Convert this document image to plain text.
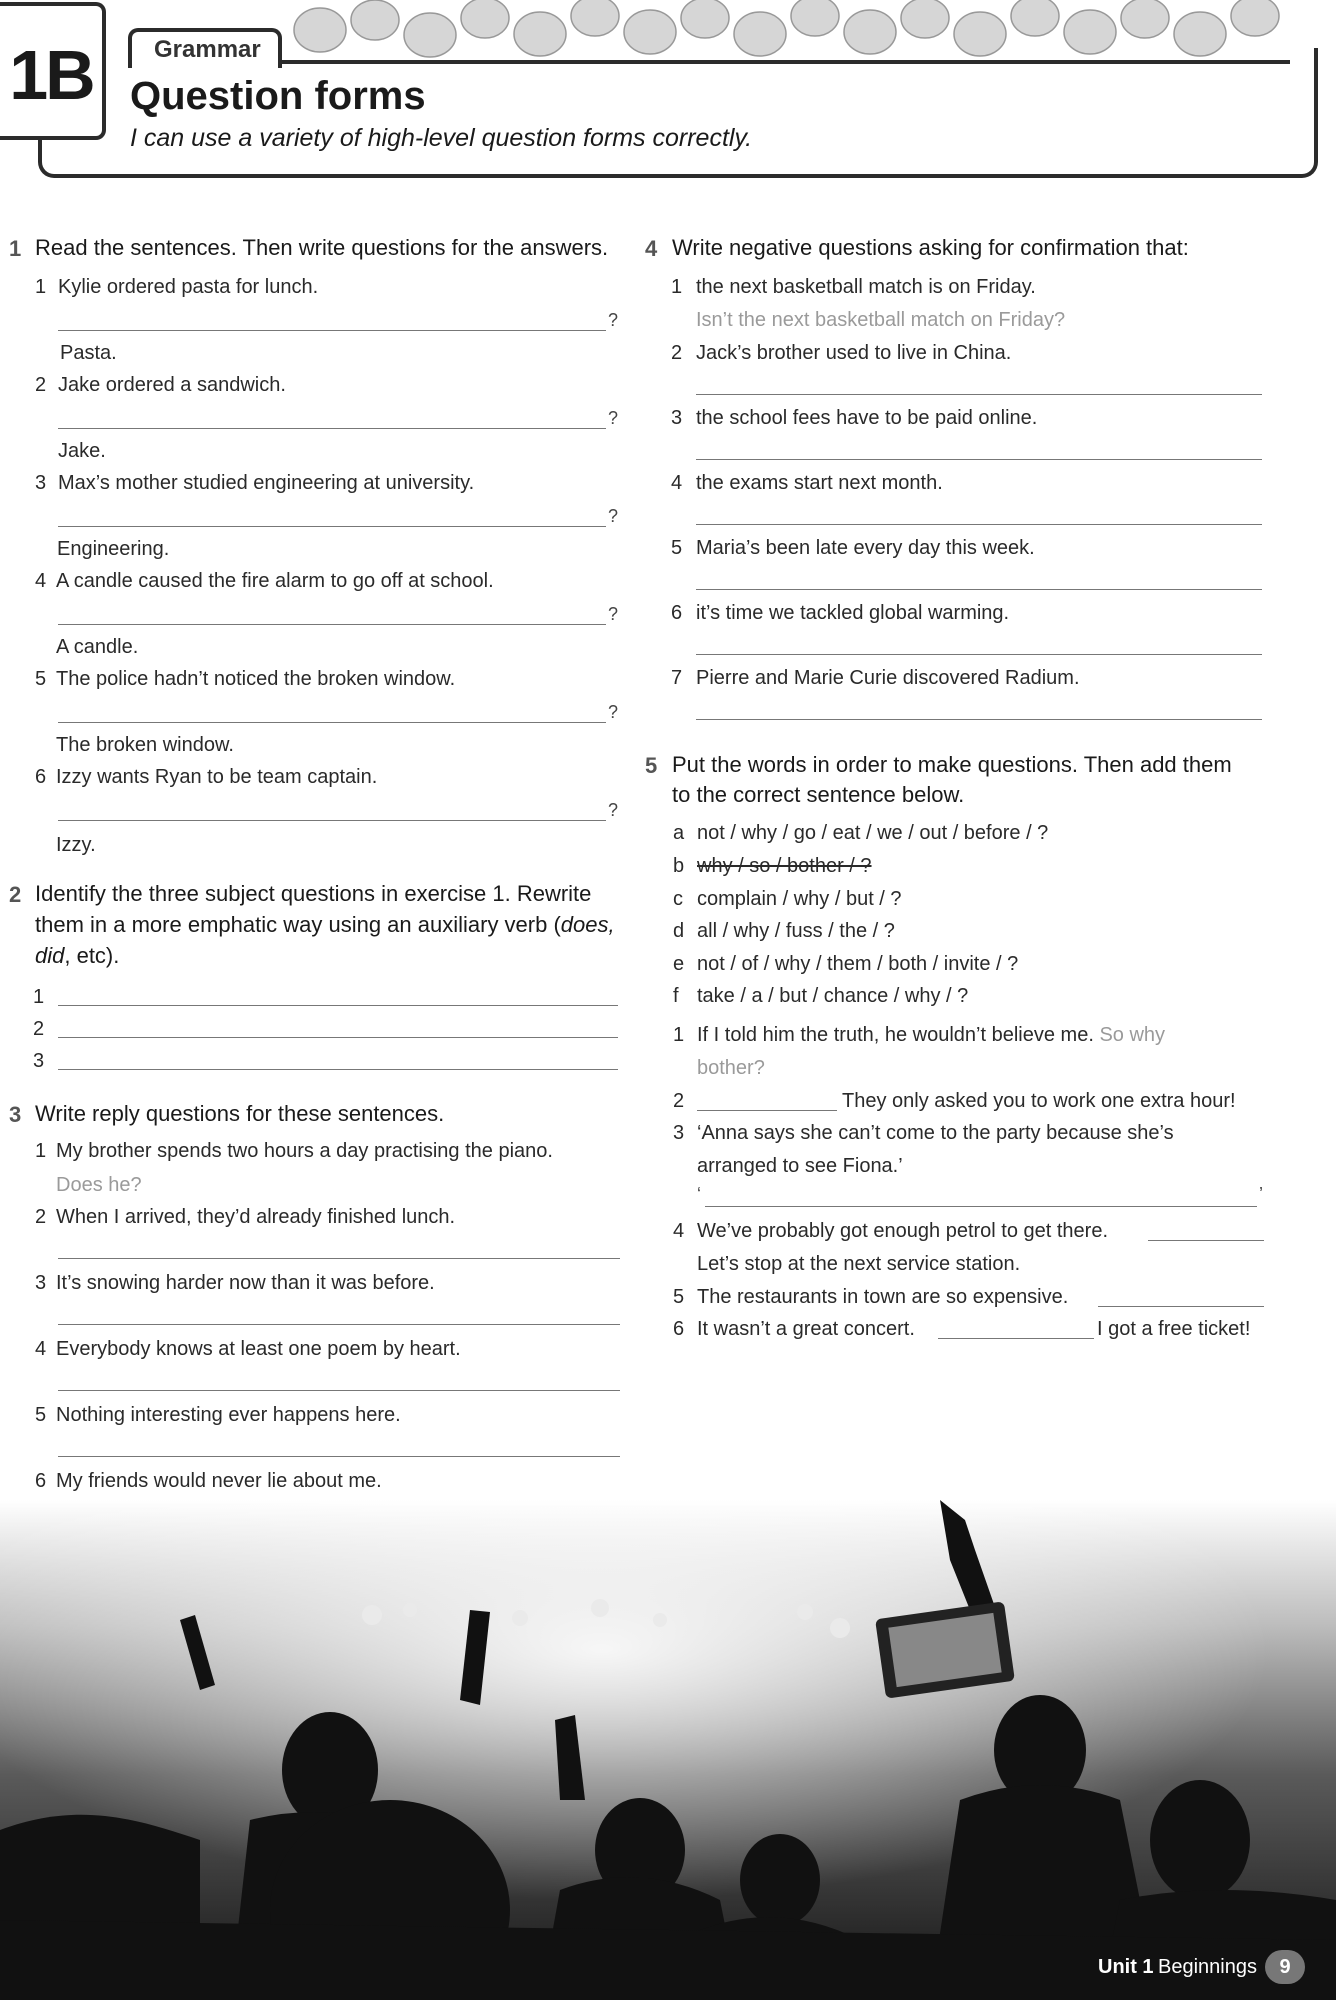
1B	Grammar
Question forms
I can use a variety of high-level question forms correctly.
1 Read the sentences. Then write questions for the answers.
1 Kylie ordered pasta for lunch.
?
Pasta.
2 Jake ordered a sandwich.
?
Jake.
3 Max’s mother studied engineering at university.
?
Engineering.
4 A candle caused the fire alarm to go off at school.
?
A candle.
5 The police hadn’t noticed the broken window.
?
The broken window.
6 Izzy wants Ryan to be team captain.
?
Izzy.
2 Identify the three subject questions in exercise 1. Rewrite
them in a more emphatic way using an auxiliary verb (does,
did, etc).
1
2
3
3 Write reply questions for these sentences.
1 My brother spends two hours a day practising the piano.
Does he?
2 When I arrived, they’d already finished lunch.
3 It’s snowing harder now than it was before.
4 Everybody knows at least one poem by heart.
5 Nothing interesting ever happens here.
6 My friends would never lie about me.
4 Write negative questions asking for confirmation that:
1 the next basketball match is on Friday.
Isn’t the next basketball match on Friday?
2 Jack’s brother used to live in China.
3 the school fees have to be paid online.
4 the exams start next month.
5 Maria’s been late every day this week.
6 it’s time we tackled global warming.
7 Pierre and Marie Curie discovered Radium.
5 Put the words in order to make questions. Then add them
to the correct sentence below.
a not / why / go / eat / we / out / before / ?
b why / so / bother / ?
c complain / why / but / ?
d all / why / fuss / the / ?
e not / of / why / them / both / invite / ?
f take / a / but / chance / why / ?
1 If I told him the truth, he wouldn’t believe me. So why
bother?
2	They only asked you to work one extra hour!
3 ‘Anna says she can’t come to the party because she’s
arranged to see Fiona.’
‘	’
4 We’ve probably got enough petrol to get there.
Let’s stop at the next service station.
5 The restaurants in town are so expensive.
6 It wasn’t a great concert.	I got a free ticket!
Unit 1 Beginnings	9
